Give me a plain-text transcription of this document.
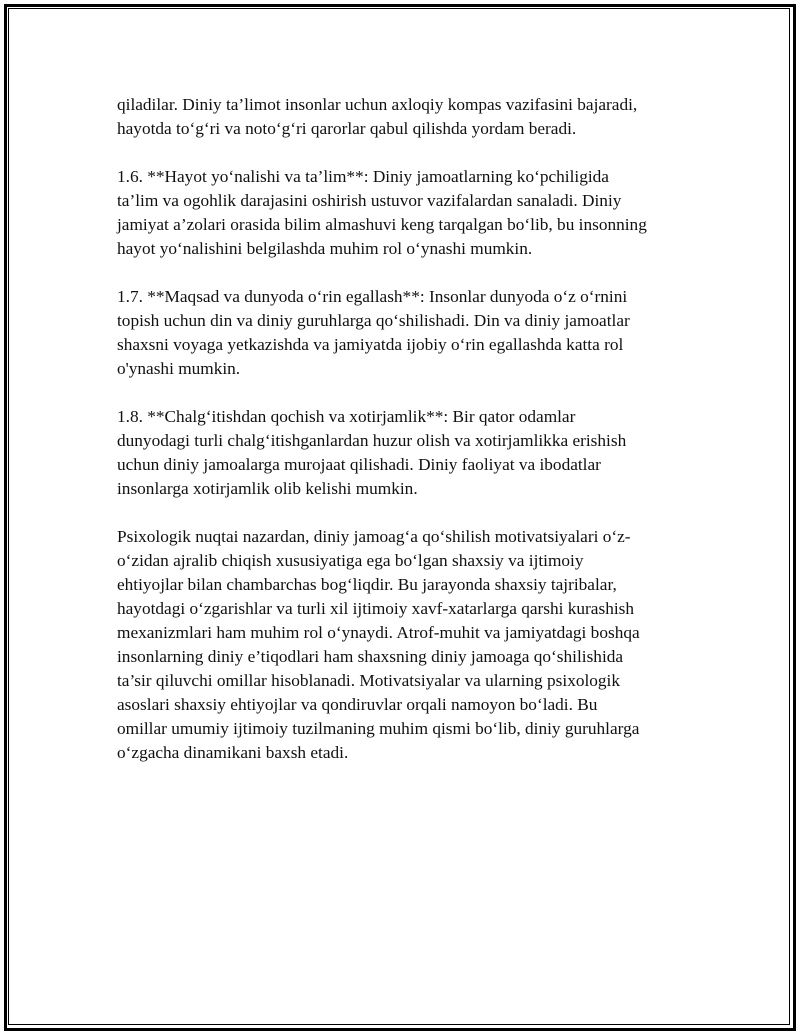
qiladilar. Diniy ta’limot insonlar uchun axloqiy kompas vazifasini bajaradi,
hayotda to‘g‘ri va noto‘g‘ri qarorlar qabul qilishda yordam beradi.

1.6. **Hayot yo‘nalishi va ta’lim**: Diniy jamoatlarning ko‘pchiligida
ta’lim va ogohlik darajasini oshirish ustuvor vazifalardan sanaladi. Diniy
jamiyat a’zolari orasida bilim almashuvi keng tarqalgan bo‘lib, bu insonning
hayot yo‘nalishini belgilashda muhim rol o‘ynashi mumkin.

1.7. **Maqsad va dunyoda o‘rin egallash**: Insonlar dunyoda o‘z o‘rnini
topish uchun din va diniy guruhlarga qo‘shilishadi. Din va diniy jamoatlar
shaxsni voyaga yetkazishda va jamiyatda ijobiy o‘rin egallashda katta rol
o'ynashi mumkin.

1.8. **Chalg‘itishdan qochish va xotirjamlik**: Bir qator odamlar
dunyodagi turli chalg‘itishganlardan huzur olish va xotirjamlikka erishish
uchun diniy jamoalarga murojaat qilishadi. Diniy faoliyat va ibodatlar
insonlarga xotirjamlik olib kelishi mumkin.

Psixologik nuqtai nazardan, diniy jamoag‘a qo‘shilish motivatsiyalari o‘z-
o‘zidan ajralib chiqish xususiyatiga ega bo‘lgan shaxsiy va ijtimoiy
ehtiyojlar bilan chambarchas bog‘liqdir. Bu jarayonda shaxsiy tajribalar,
hayotdagi o‘zgarishlar va turli xil ijtimoiy xavf-xatarlarga qarshi kurashish
mexanizmlari ham muhim rol o‘ynaydi. Atrof-muhit va jamiyatdagi boshqa
insonlarning diniy e’tiqodlari ham shaxsning diniy jamoaga qo‘shilishida
ta’sir qiluvchi omillar hisoblanadi. Motivatsiyalar va ularning psixologik
asoslari shaxsiy ehtiyojlar va qondiruvlar orqali namoyon bo‘ladi. Bu
omillar umumiy ijtimoiy tuzilmaning muhim qismi bo‘lib, diniy guruhlarga
o‘zgacha dinamikani baxsh etadi.
